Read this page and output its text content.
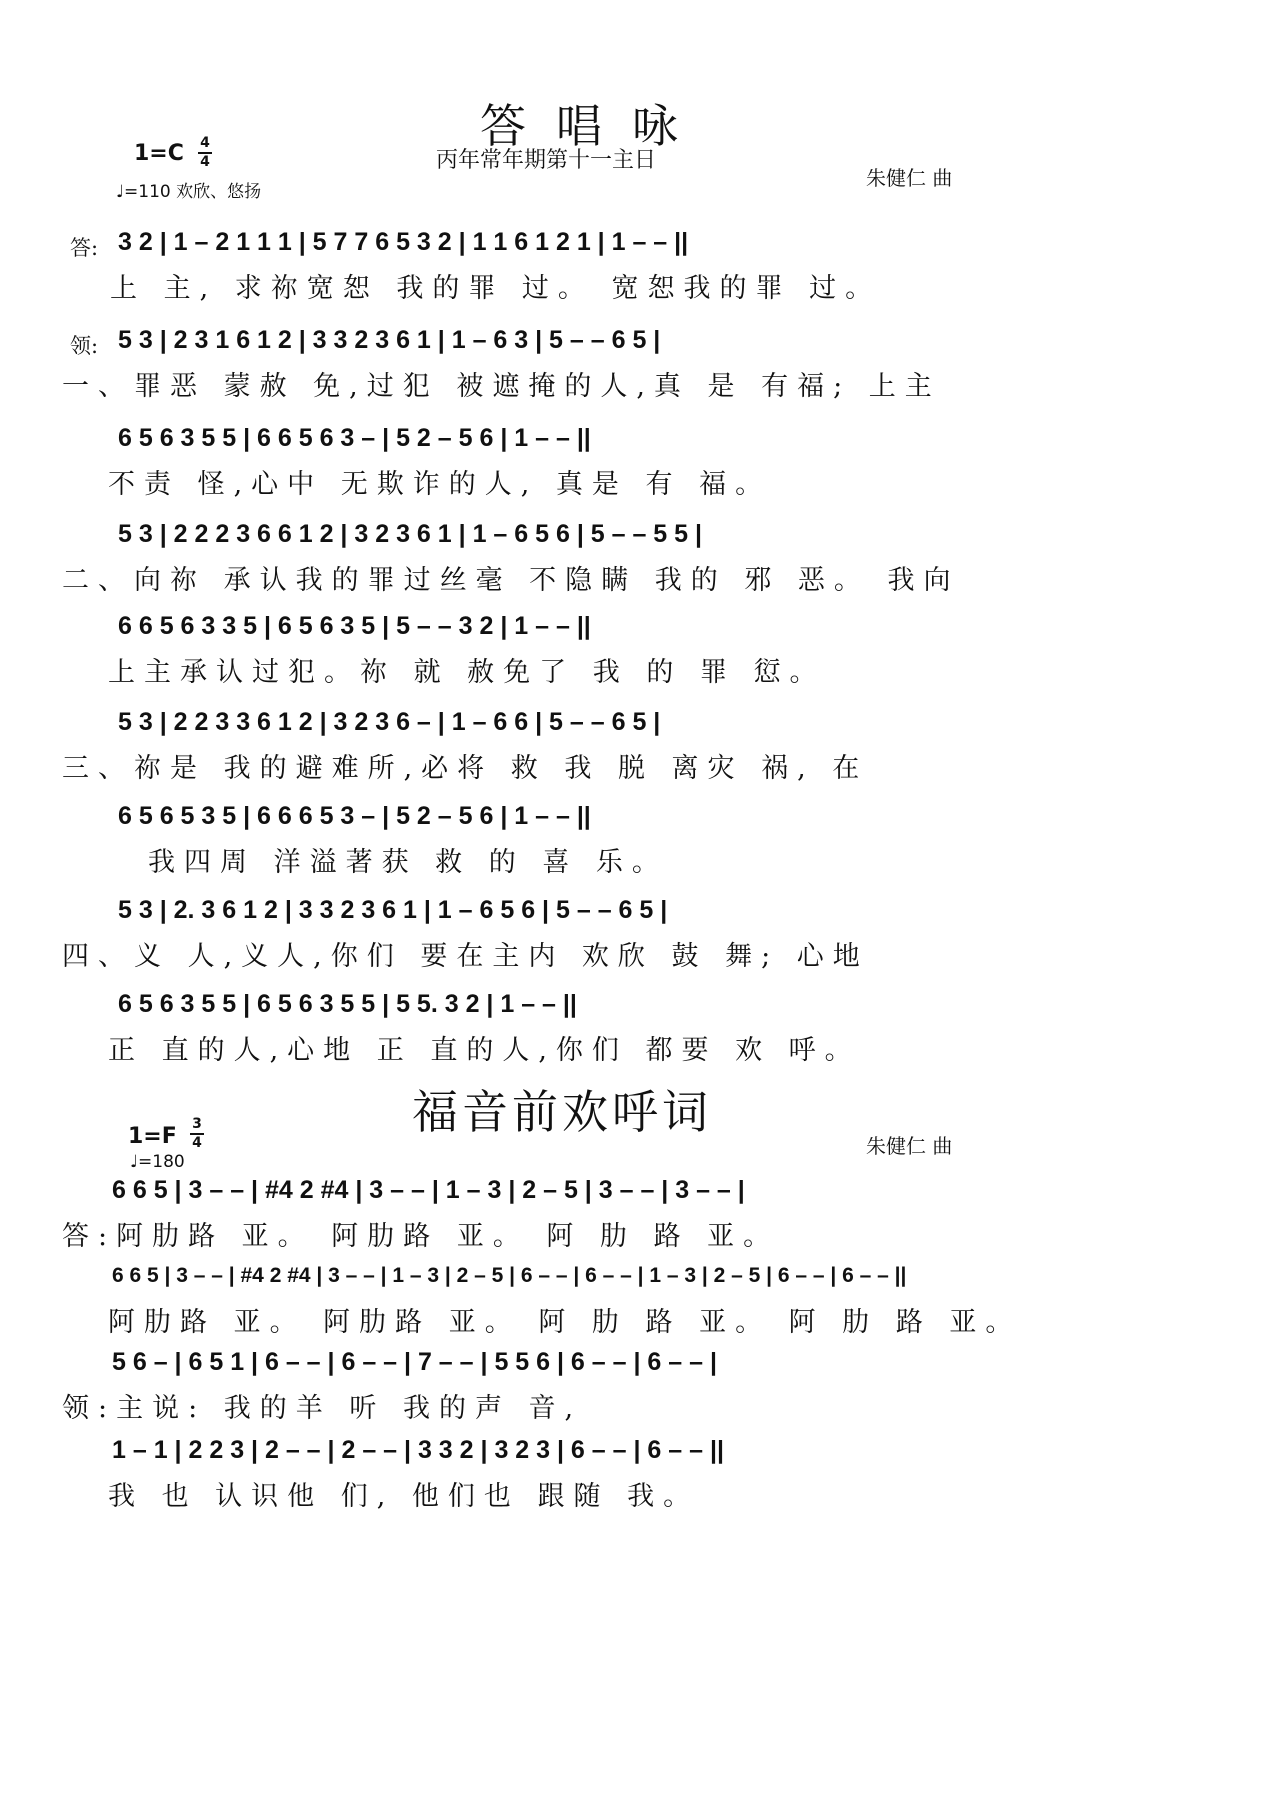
答唱咏
丙年常年期第十一主日
1=C 4
4
♩=110 欢欣、悠扬
朱健仁 曲
答: 3 2 | 1 – 2 1 1 1 | 5 7 7 6 5 3 2 | 1 1 6 1 2 1 | 1 – – ||
上 主, 求祢宽恕 我的罪 过。 宽恕我的罪 过。
领: 5 3 | 2 3 1 6 1 2 | 3 3 2 3 6 1 | 1 – 6 3 | 5 – – 6 5 |
一、罪恶 蒙赦 免,过犯 被遮掩的人,真 是 有福; 上主
6 5 6 3 5 5 | 6 6 5 6 3 – | 5 2 – 5 6 | 1 – – ||
不责 怪,心中 无欺诈的人, 真是 有 福。
5 3 | 2 2 2 3 6 6 1 2 | 3 2 3 6 1 | 1 – 6 5 6 | 5 – – 5 5 |
二、向祢 承认我的罪过丝毫 不隐瞒 我的 邪 恶。 我向
6 6 5 6 3 3 5 | 6 5 6 3 5 | 5 – – 3 2 | 1 – – ||
上主承认过犯。祢 就 赦免了 我 的 罪 愆。
5 3 | 2 2 3 3 6 1 2 | 3 2 3 6 – | 1 – 6 6 | 5 – – 6 5 |
三、祢是 我的避难所,必将 救 我 脱 离灾 祸, 在
6 5 6 5 3 5 | 6 6 6 5 3 – | 5 2 – 5 6 | 1 – – ||
我四周 洋溢著获 救 的 喜 乐。
5 3 | 2. 3 6 1 2 | 3 3 2 3 6 1 | 1 – 6 5 6 | 5 – – 6 5 |
四、义 人,义人,你们 要在主内 欢欣 鼓 舞; 心地
6 5 6 3 5 5 | 6 5 6 3 5 5 | 5 5. 3 2 | 1 – – ||
正 直的人,心地 正 直的人,你们 都要 欢 呼。
福音前欢呼词
1=F 3
4
♩=180
朱健仁 曲
6 6 5 | 3 – – | #4 2 #4 | 3 – – | 1 – 3 | 2 – 5 | 3 – – | 3 – – |
答:阿肋路 亚。 阿肋路 亚。 阿 肋 路 亚。
6 6 5 | 3 – – | #4 2 #4 | 3 – – | 1 – 3 | 2 – 5 | 6 – – | 6 – – | 1 – 3 | 2 – 5 | 6 – – | 6 – – ||
阿肋路 亚。 阿肋路 亚。 阿 肋 路 亚。 阿 肋 路 亚。
5 6 – | 6 5 1 | 6 – – | 6 – – | 7 – – | 5 5 6 | 6 – – | 6 – – |
领:主说: 我的羊 听 我的声 音,
1 – 1 | 2 2 3 | 2 – – | 2 – – | 3 3 2 | 3 2 3 | 6 – – | 6 – – ||
我 也 认识他 们, 他们也 跟随 我。
